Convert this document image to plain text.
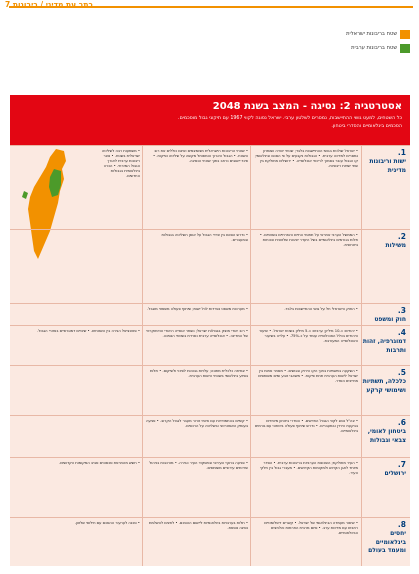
כתב עת מדיני / ריבונות 7
שטח בריבונות ישראלית
שטח בריבונות ערבית
אסטרטגיה 2: נסיגה - המצב בשנת 2048
כל השטחים, למעט גושי ההתיישבות, נמסרים לשלטון ערבי. ישראל נסוגה לקווי 1967 עם תיקוני גבול מוסכמים.
הסכמים בינלאומיים והסדרי ביטחון.
1.
ישות וריבונות מדינית
• ישראל שולטת בגושי ההתיישבות בלבד; שטחי יהודה ושומרון נמסרים למדינה ערבית. • הגבולות נקבעים על פי הסכם ובינלאומי; קו הגבול עובר בסמוך לריכוזי אוכלוסייה. • ירושלים מחולקת בין שתי ישויות ריבוניות.
• שטחי הריבונות הישראלית מצומצמים ואינם כוללים את רוב השטח. • הגבול הארוך והמפותל מקשה על שליטה ופיקוח. • פינוי יישובים נרחב בתוך שטחי הנסיגה.
• משמעות רבה לשליטה ישראלית בשטח. • נוצר ריבונות ערבית לאורך הגבול המזרחי. • הכרה בינלאומית בגבולות החדשים.
2.
משילות
• הממשל הערבי אחראי על תחומי החיים האזרחיים בשטחים. • תלות בגורמים בינלאומיים בשל היעדר יציבות שלטונית ונוכחות ביטחונית.
• נדרש הסכם בין צדדי הגבול על אופן השליטה בגבולות ובמעברים.
3.
חוק ומשפט
• החוק הישראלי חל על גושי ההתיישבות בלבד.
• מערכות משפט נפרדות לכל ישות; שיתוף פעולה משפטי מוגבל.
4.
דמוגרפיה, זהות ותרבות
• יהודים: כ-10 מיליון; ערבים: כ-5 מיליון בשטח ישראל. • שיעור היהודים בכלל האוכלוסייה עומד על כ-75%. • עלייה בשיעור האוכלוסייה המעורבת.
• רוב יהודי מוצק בגבולות ישראל; נשמר אופייה היהודי והדמוקרטי של המדינה. • אוכלוסייה ערבית נפרדת בשטחי הנסיגה.
• פוטנציאל הגירה בין השטחים. • שינויים דמוגרפיים באזורי הגבול.
5.
כלכלה, תשתיות ושימושי קרקע
• השקעה בתשתיות בתוך הקו הירוק ובגושים. • מסחר פתוח בין ישראל לישות הערבית תחת פיקוח. • משאבי טבע ומים משותפים מחייבים הסדר.
• צמיחה כלכלית מתונה; עלויות גבוהות לפינוי ולשיקום. • תלות בסיוע בינלאומי בשטחי הישות הערבית.
6.
ביטחון לאומי, צבאי וגבולות
• צה"ל נסוג לקווי הגבול החדשים. • הסדרי ביטחון מיוחדים בבקעת הירדן ובמעברים. • נדרש שיתוף פעולה ביטחוני עם גורמים בינלאומיים.
• קשיים בהתמודדות עם איומי טרור מעבר לגבול הקרוב. • פגיעה בעומק האסטרטגי ובשליטה על הרכסים.
7.
ירושלים
• העיר מחולקת; השכונות הערביות בריבונות ערבית. • הסדר מיוחד לאגן הקדוש ולמקומות הקדושים. • מעברי גבול בין חלקי העיר.
• פגיעה ברצף העירוני ובתפקוד העיר כבירה. • מורכבות בניהול שירותים עירוניים משותפים.
• חשש מהחרפת סכסוכים סביב המקומות הקדושים.
8.
יחסים בינלאומיים ומעמד בעולם
• שיפור מעמדה הבינלאומי של ישראל. • קשרים דיפלומטיים רחבים עם מדינות ערב. • סיום מרבית החרמות והלחצים הבינלאומיים.
• תלות בערבויות בינלאומיות ליישום ההסכם. • לחצים להשלמת נסיגה נוספת.
• סכנה לערעור ההסכם עם חילופי שלטון.
